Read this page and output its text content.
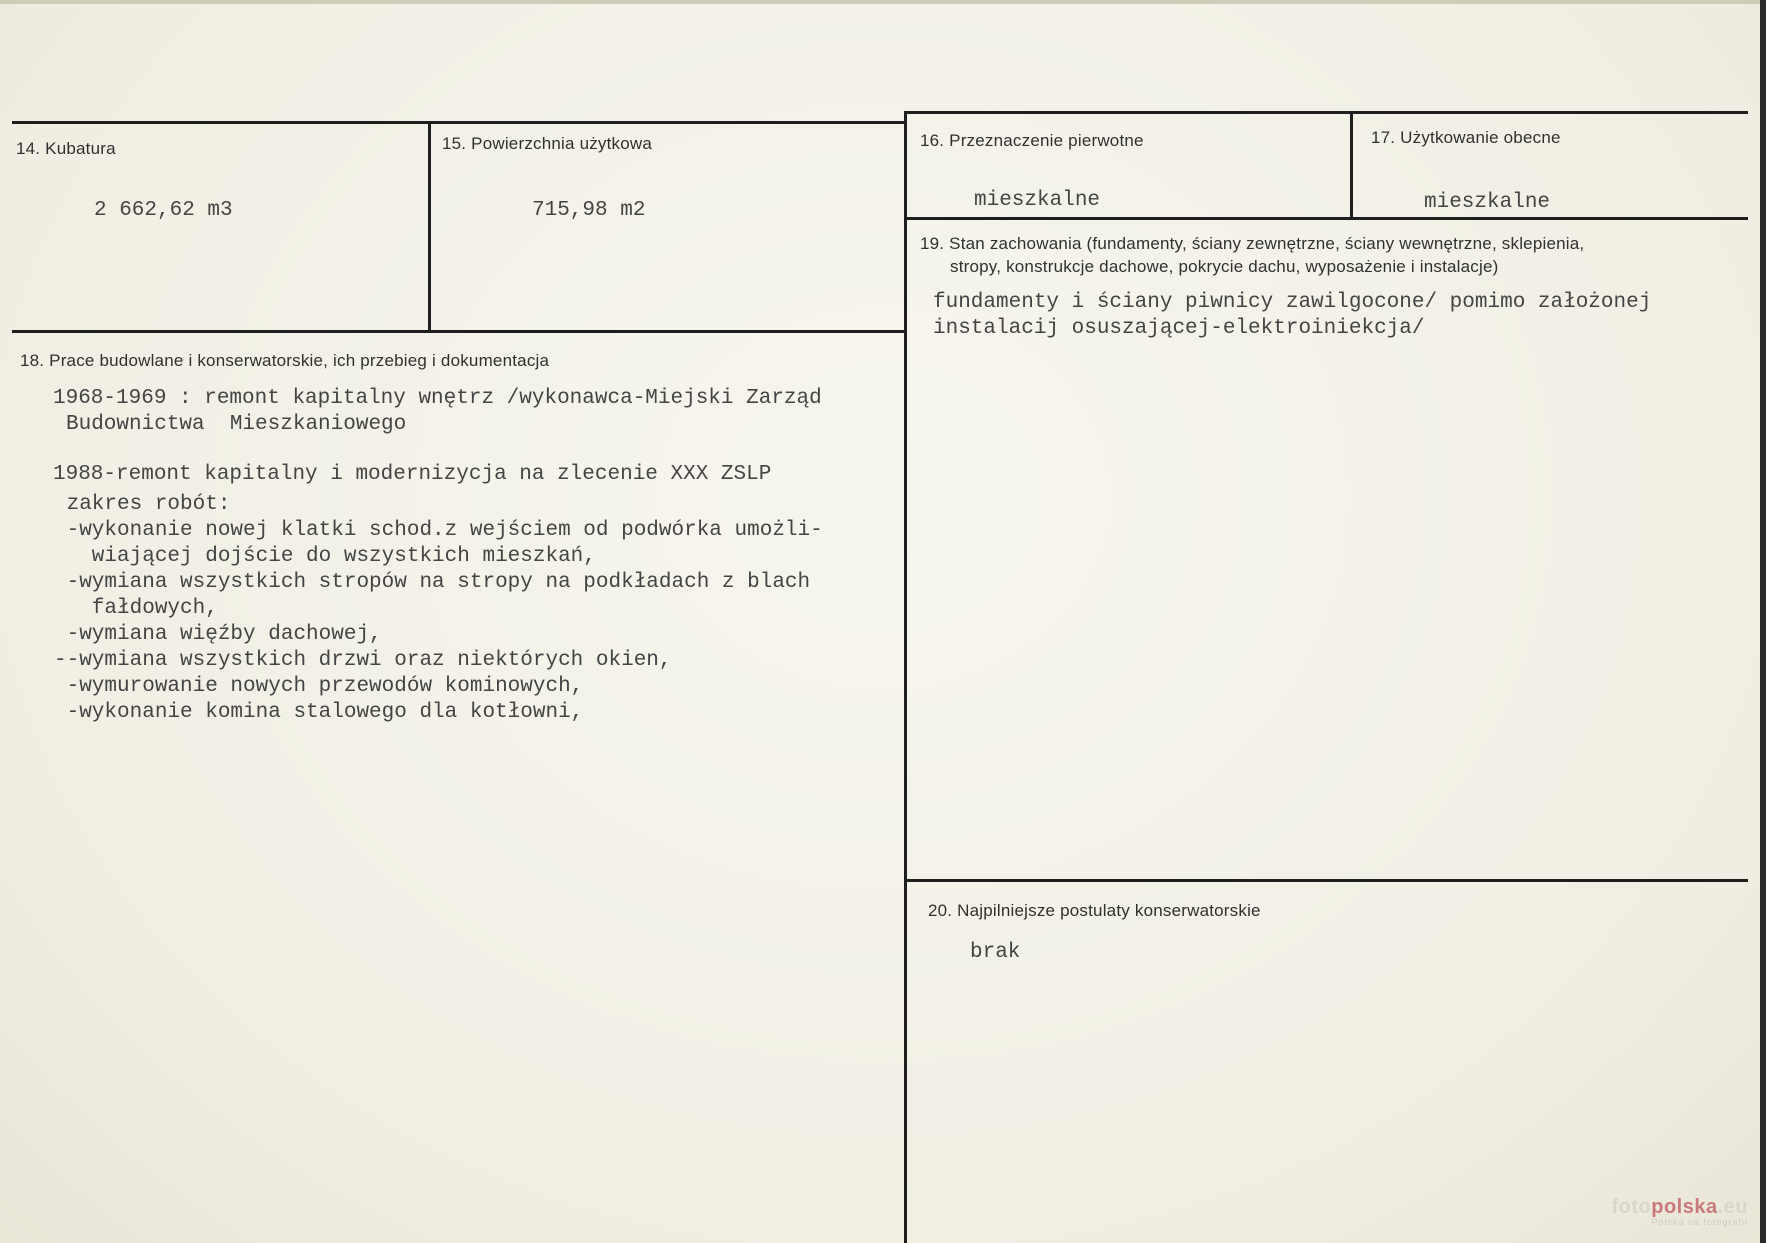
14. Kubatura
2 662,62 m3
15. Powierzchnia użytkowa
715,98 m2
16. Przeznaczenie pierwotne
mieszkalne
17. Użytkowanie obecne
mieszkalne
19. Stan zachowania (fundamenty, ściany zewnętrzne, ściany wewnętrzne, sklepienia,
stropy, konstrukcje dachowe, pokrycie dachu, wyposażenie i instalacje)
fundamenty i ściany piwnicy zawilgocone/ pomimo założonej
instalacij osuszającej-elektroiniekcja/
18. Prace budowlane i konserwatorskie, ich przebieg i dokumentacja
1968-1969 : remont kapitalny wnętrz /wykonawca-Miejski Zarząd
Budownictwa  Mieszkaniowego
1988-remont kapitalny i modernizycja na zlecenie XXX ZSLP
zakres robót:
-wykonanie nowej klatki schod.z wejściem od podwórka umożli-
wiającej dojście do wszystkich mieszkań,
-wymiana wszystkich stropów na stropy na podkładach z blach
fałdowych,
-wymiana więźby dachowej,
--wymiana wszystkich drzwi oraz niektórych okien,
-wymurowanie nowych przewodów kominowych,
-wykonanie komina stalowego dla kotłowni,
20. Najpilniejsze postulaty konserwatorskie
brak
fotopolska.eu
Polska na fotografii
